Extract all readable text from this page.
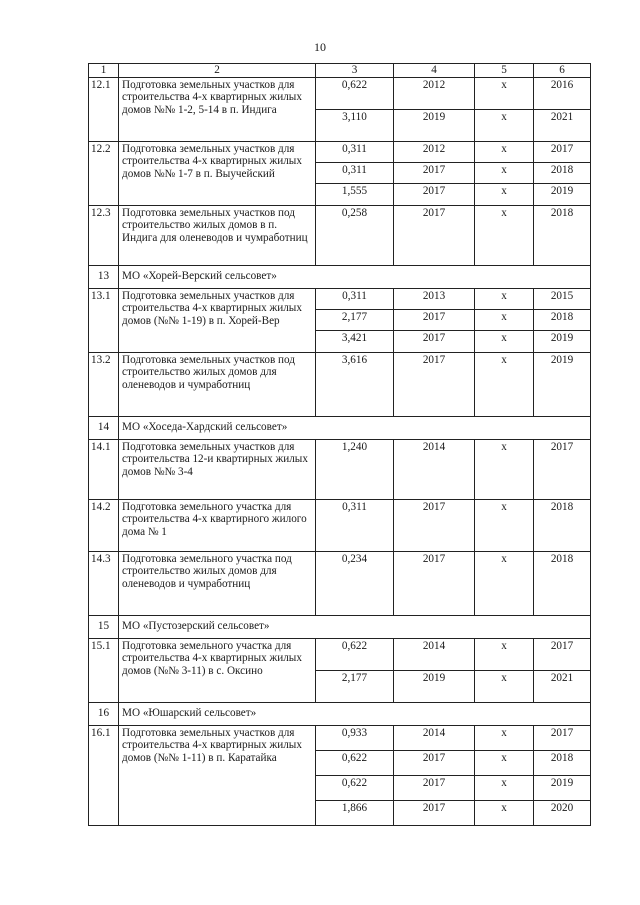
10
1	2	3	4	5	6
12.1	Подготовка земельных участков для строительства 4-х квартирных жилых домов №№ 1-2, 5-14 в п. Индига	0,622	2012	х	2016
		3,110	2019	х	2021
12.2	Подготовка земельных участков для строительства 4-х квартирных жилых домов №№ 1-7 в п. Выучейский	0,311	2012	х	2017
		0,311	2017	х	2018
		1,555	2017	х	2019
12.3	Подготовка земельных участков под строительство жилых домов в п. Индига для оленеводов и чумработниц	0,258	2017	х	2018
13	МО «Хорей-Верский сельсовет»				
13.1	Подготовка земельных участков для строительства 4-х квартирных жилых домов (№№ 1-19) в п. Хорей-Вер	0,311	2013	х	2015
		2,177	2017	х	2018
		3,421	2017	х	2019
13.2	Подготовка земельных участков под строительство жилых домов для оленеводов и чумработниц	3,616	2017	х	2019
14	МО «Хоседа-Хардский сельсовет»				
14.1	Подготовка земельных участков для строительства 12-и квартирных жилых домов №№ 3-4	1,240	2014	х	2017
14.2	Подготовка земельного участка для строительства 4-х квартирного жилого дома № 1	0,311	2017	х	2018
14.3	Подготовка земельного участка под строительство жилых домов для оленеводов и чумработниц	0,234	2017	х	2018
15	МО «Пустозерский сельсовет»				
15.1	Подготовка земельного участка для строительства 4-х квартирных жилых домов (№№ 3-11) в с. Оксино	0,622	2014	х	2017
		2,177	2019	х	2021
16	МО «Юшарский сельсовет»				
16.1	Подготовка земельных участков для строительства 4-х квартирных жилых домов (№№ 1-11) в п. Каратайка	0,933	2014	х	2017
		0,622	2017	х	2018
		0,622	2017	х	2019
		1,866	2017	х	2020
